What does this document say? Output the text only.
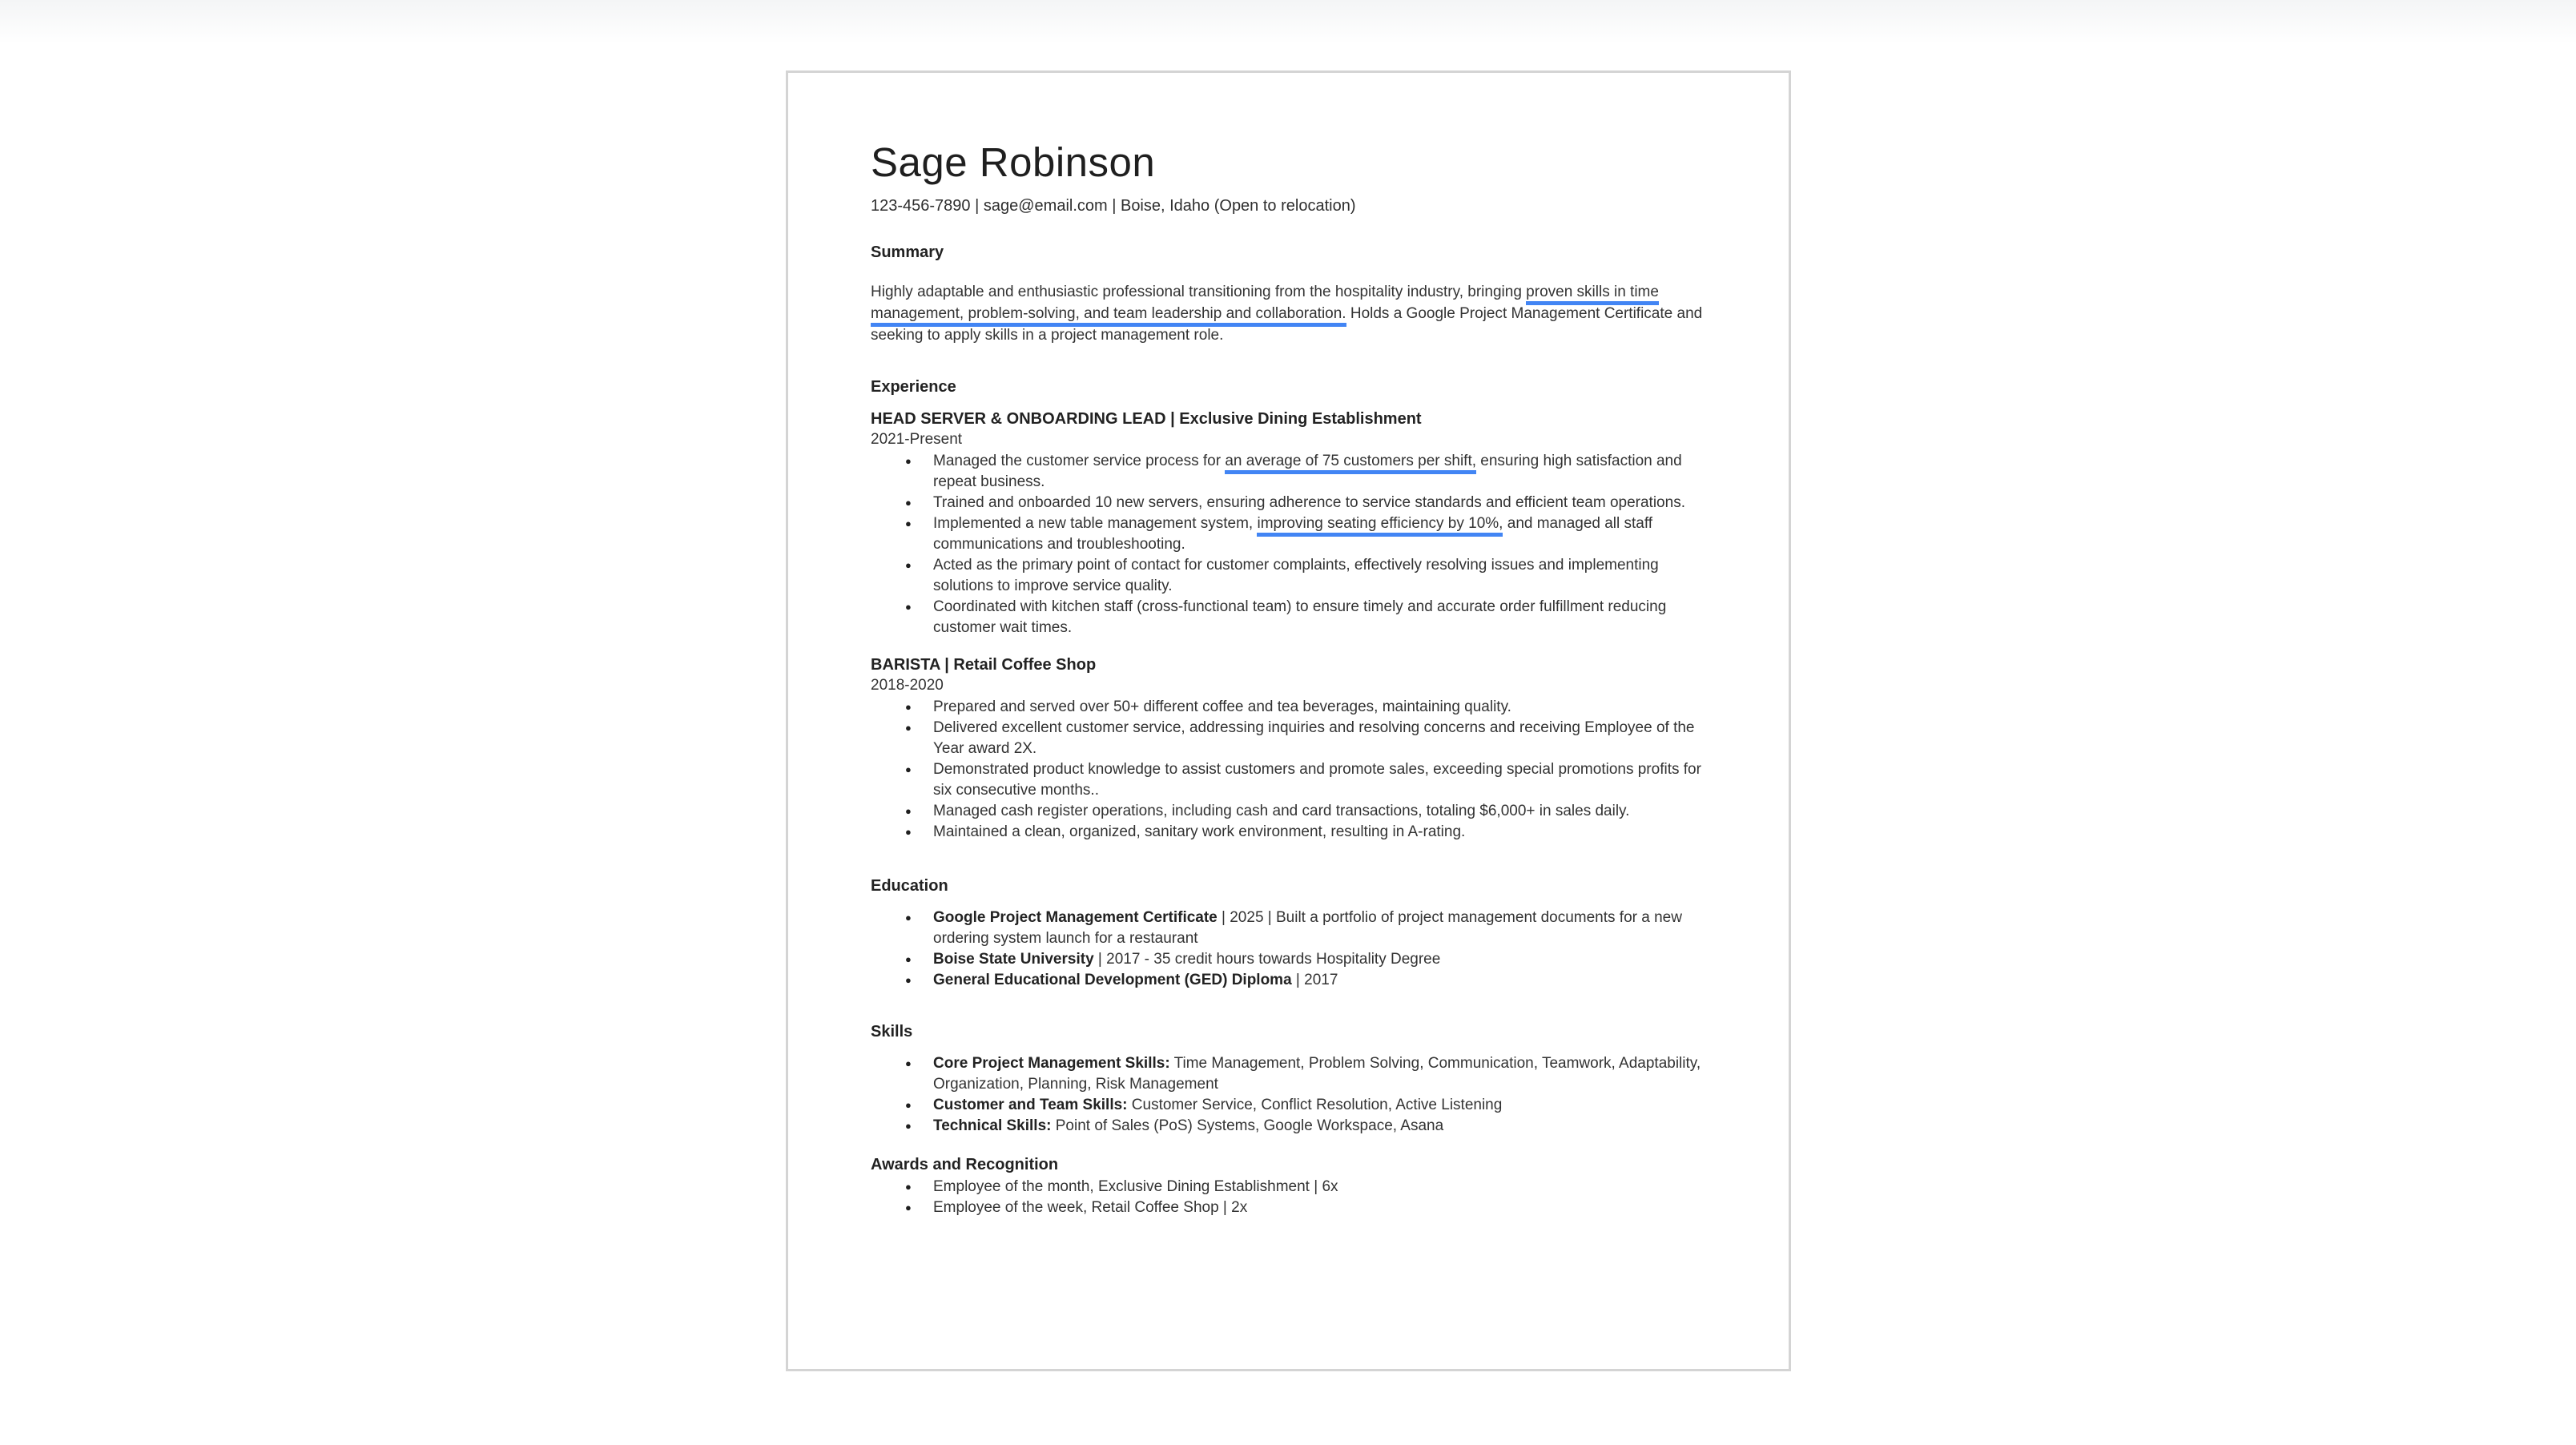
Sage Robinson

123-456-7890 | sage@email.com | Boise, Idaho (Open to relocation)

Summary

Highly adaptable and enthusiastic professional transitioning from the hospitality industry, bringing proven skills in time management, problem-solving, and team leadership and collaboration. Holds a Google Project Management Certificate and seeking to apply skills in a project management role.

Experience
HEAD SERVER & ONBOARDING LEAD | Exclusive Dining Establishment

2021-Present

● Managed the customer service process for an average of 75 customers per shift, ensuring high satisfaction and repeat business.
● Trained and onboarded 10 new servers, ensuring adherence to service standards and efficient team operations.
● Implemented a new table management system, improving seating efficiency by 10%, and managed all staff communications and troubleshooting.
● Acted as the primary point of contact for customer complaints, effectively resolving issues and implementing solutions to improve service quality.
● Coordinated with kitchen staff (cross-functional team) to ensure timely and accurate order fulfillment reducing customer wait times.
BARISTA | Retail Coffee Shop

2018-2020

● Prepared and served over 50+ different coffee and tea beverages, maintaining quality.
● Delivered excellent customer service, addressing inquiries and resolving concerns and receiving Employee of the Year award 2X.
● Demonstrated product knowledge to assist customers and promote sales, exceeding special promotions profits for six consecutive months..
● Managed cash register operations, including cash and card transactions, totaling $6,000+ in sales daily.
● Maintained a clean, organized, sanitary work environment, resulting in A-rating.
Education
● Google Project Management Certificate | 2025 | Built a portfolio of project management documents for a new ordering system launch for a restaurant
● Boise State University | 2017 - 35 credit hours towards Hospitality Degree
● General Educational Development (GED) Diploma | 2017
Skills
● Core Project Management Skills: Time Management, Problem Solving, Communication, Teamwork, Adaptability, Organization, Planning, Risk Management
● Customer and Team Skills: Customer Service, Conflict Resolution, Active Listening
● Technical Skills: Point of Sales (PoS) Systems, Google Workspace, Asana
Awards and Recognition
● Employee of the month, Exclusive Dining Establishment | 6x
● Employee of the week, Retail Coffee Shop | 2x
